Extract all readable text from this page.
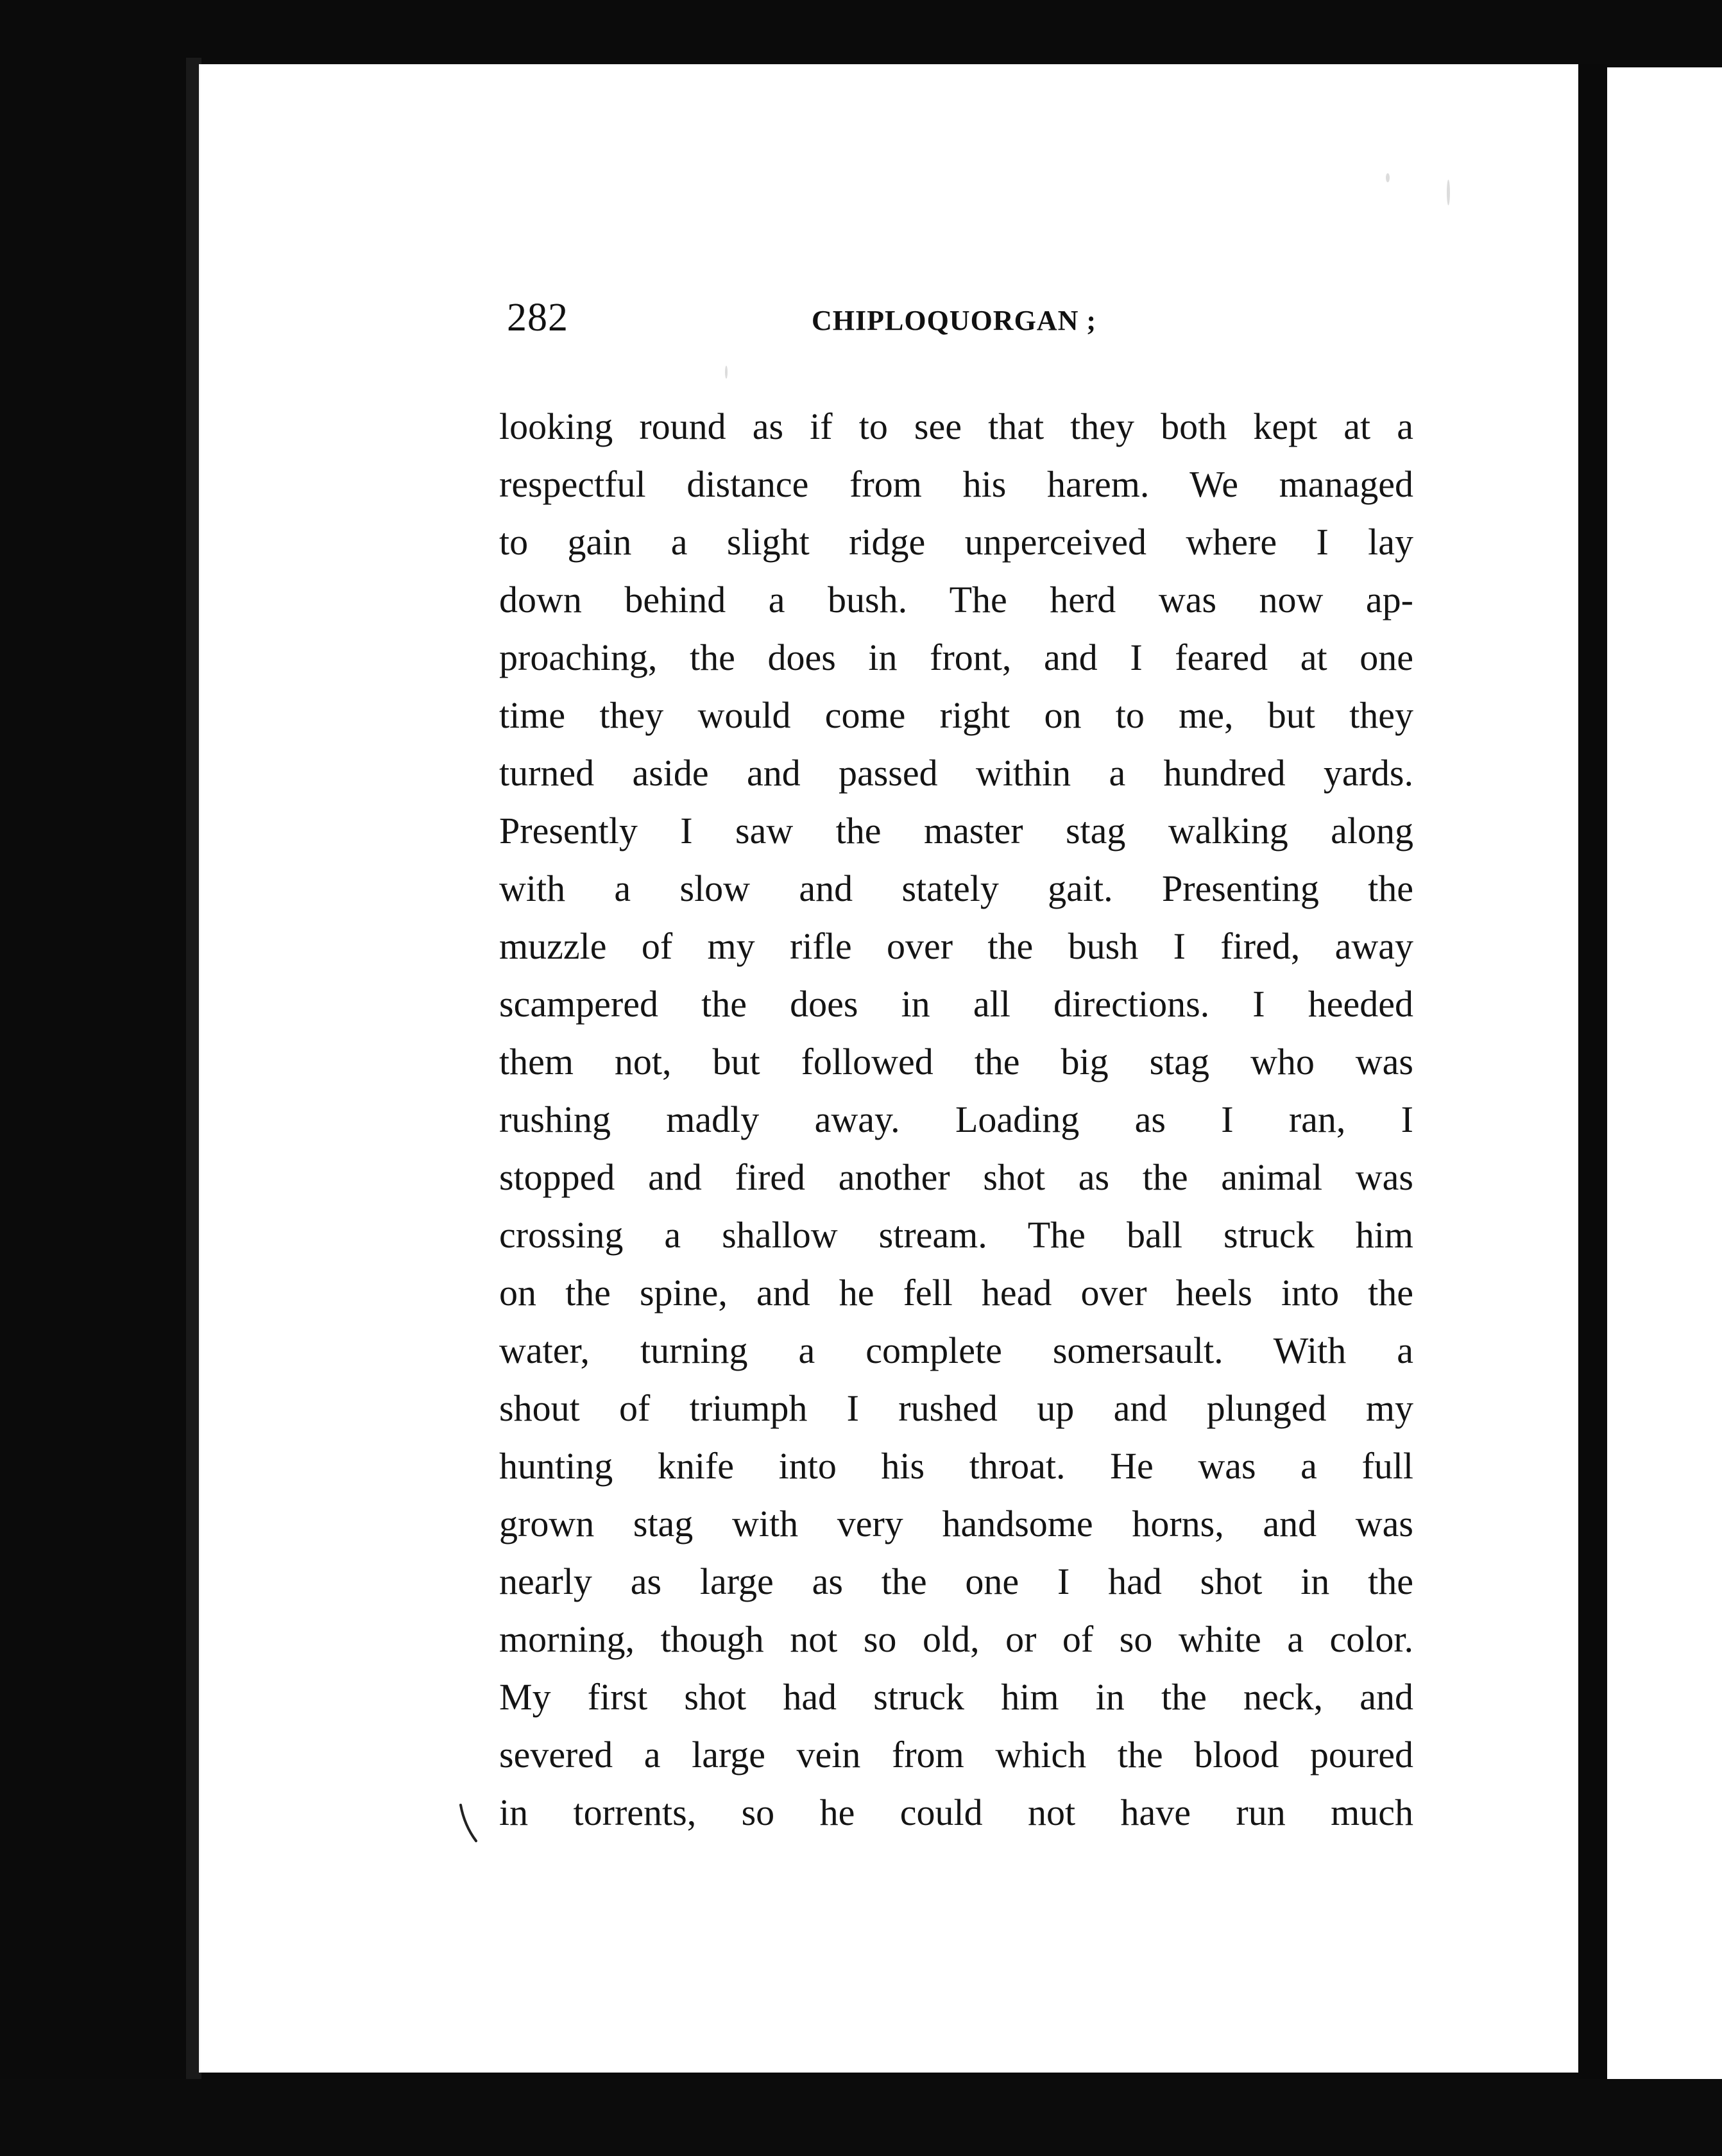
282	CHIPLOQUORGAN ;
looking round as if to see that they both kept at a
respectful distance from his harem. We managed
to gain a slight ridge unperceived where I lay
down behind a bush. The herd was now ap-
proaching, the does in front, and I feared at one
time they would come right on to me, but they
turned aside and passed within a hundred yards.
Presently I saw the master stag walking along
with a slow and stately gait. Presenting the
muzzle of my rifle over the bush I fired, away
scampered the does in all directions. I heeded
them not, but followed the big stag who was
rushing madly away. Loading as I ran, I
stopped and fired another shot as the animal was
crossing a shallow stream. The ball struck him
on the spine, and he fell head over heels into the
water, turning a complete somersault. With a
shout of triumph I rushed up and plunged my
hunting knife into his throat. He was a full
grown stag with very handsome horns, and was
nearly as large as the one I had shot in the
morning, though not so old, or of so white a color.
My first shot had struck him in the neck, and
severed a large vein from which the blood poured
in torrents, so he could not have run much
